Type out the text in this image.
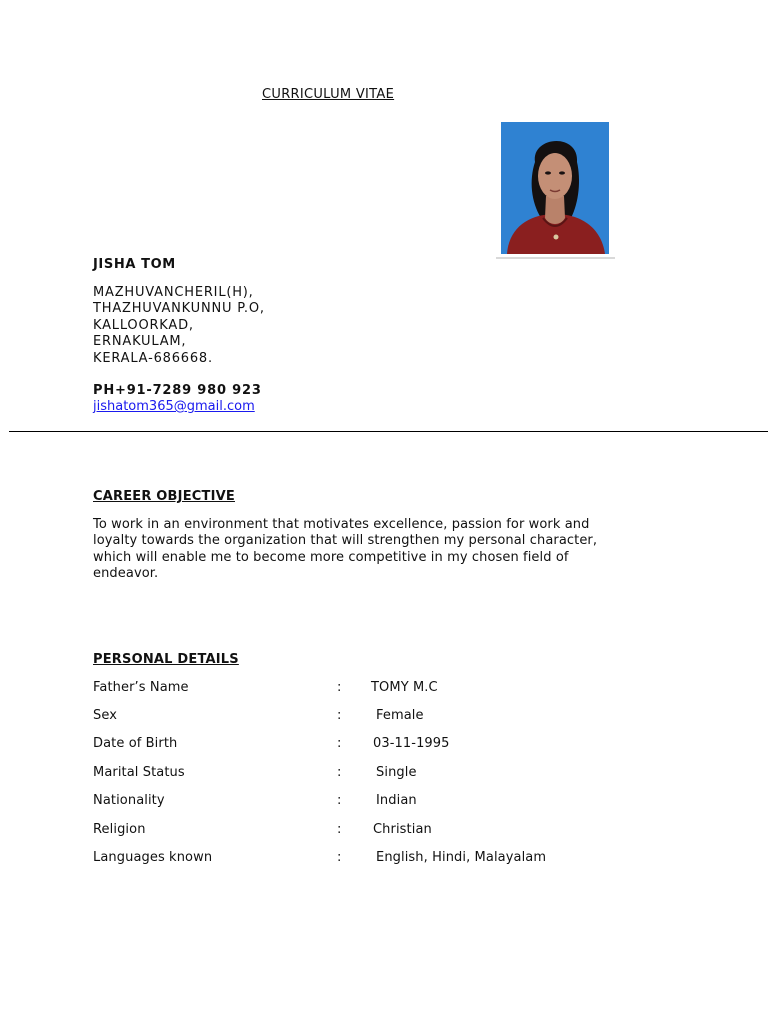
CURRICULUM VITAE
JISHA TOM
MAZHUVANCHERIL(H),
THAZHUVANKUNNU P.O,
KALLOORKAD,
ERNAKULAM,
KERALA-686668.
PH+91-7289 980 923
jishatom365@gmail.com
CAREER OBJECTIVE
To work in an environment that motivates excellence, passion for work and
loyalty towards the organization that will strengthen my personal character,
which will enable me to become more competitive in my chosen field of
endeavor.
PERSONAL DETAILS
Father’s Name	: TOMY M.C
Sex	:	Female
Date of Birth	: 03-11-1995
Marital Status	:	Single
Nationality	:	Indian
Religion	: Christian
Languages known	:	English, Hindi, Malayalam
